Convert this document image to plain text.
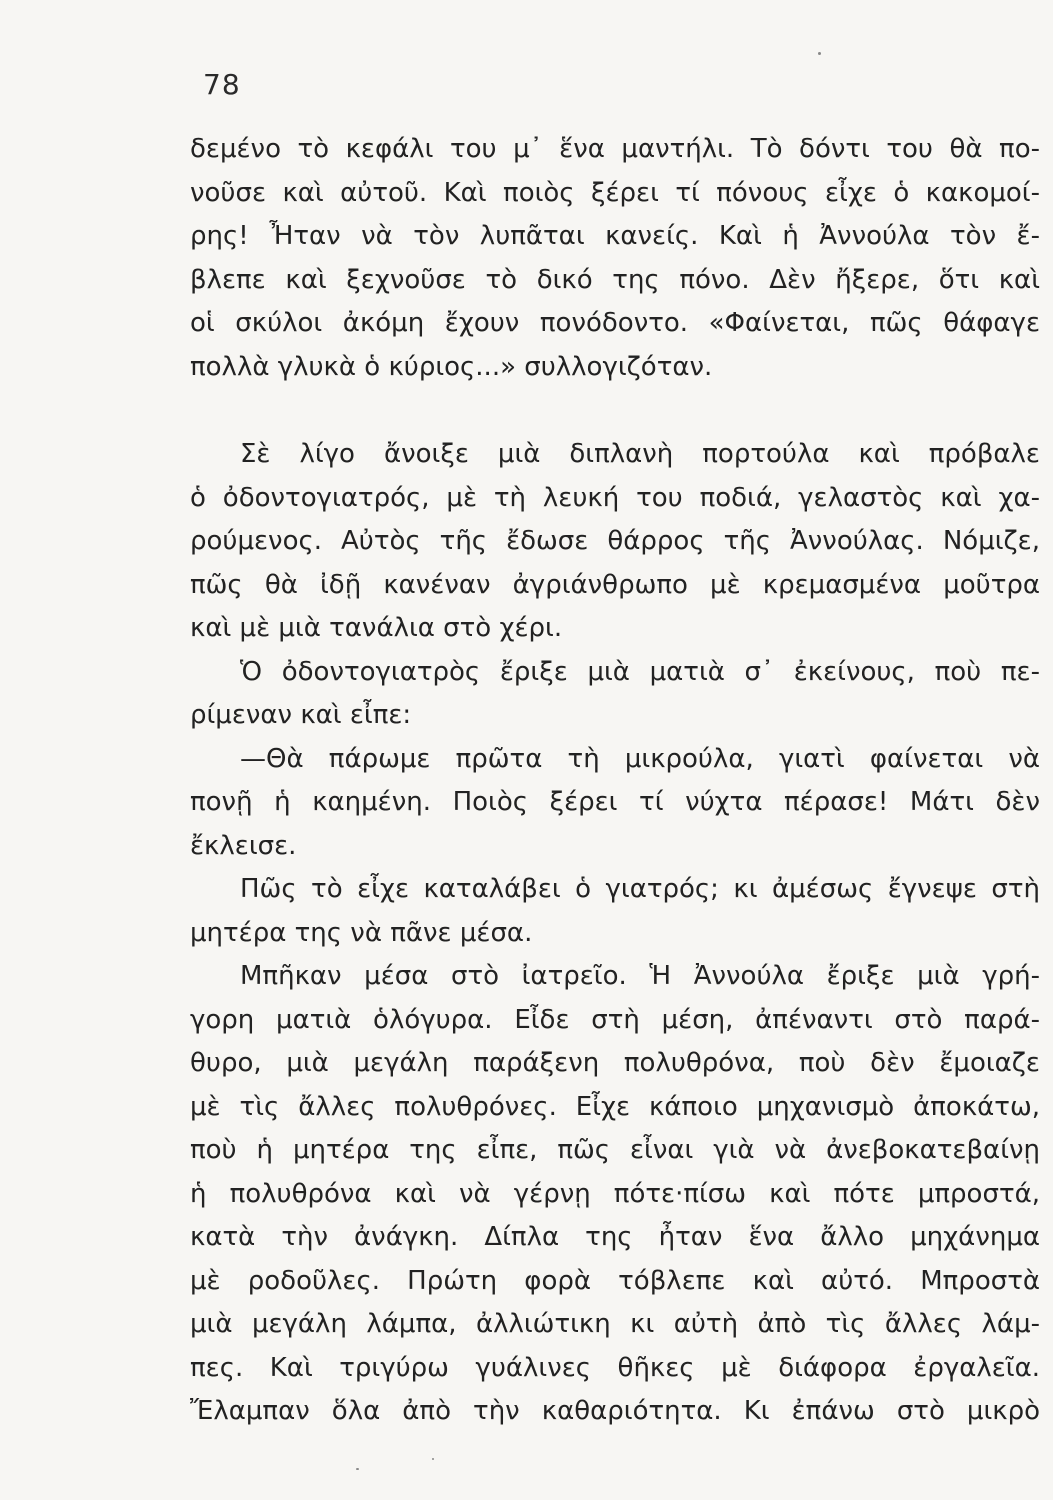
78
δεμένο τὸ κεφάλι του μ᾽ ἕνα μαντήλι. Τὸ δόντι του θὰ πο-
νοῦσε καὶ αὐτοῦ. Καὶ ποιὸς ξέρει τί πόνους εἶχε ὁ κακομοί-
ρης! Ἦταν νὰ τὸν λυπᾶται κανείς. Καὶ ἡ Ἀννούλα τὸν ἔ-
βλεπε καὶ ξεχνοῦσε τὸ δικό της πόνο. Δὲν ἤξερε, ὅτι καὶ
οἱ σκύλοι ἀκόμη ἔχουν πονόδοντο. «Φαίνεται, πῶς θάφαγε
πολλὰ γλυκὰ ὁ κύριος...» συλλογιζόταν.
Σὲ λίγο ἄνοιξε μιὰ διπλανὴ πορτούλα καὶ πρόβαλε
ὁ ὀδοντογιατρός, μὲ τὴ λευκή του ποδιά, γελαστὸς καὶ χα-
ρούμενος. Αὐτὸς τῆς ἔδωσε θάρρος τῆς Ἀννούλας. Νόμιζε,
πῶς θὰ ἰδῇ κανέναν ἀγριάνθρωπο μὲ κρεμασμένα μοῦτρα
καὶ μὲ μιὰ τανάλια στὸ χέρι.
Ὁ ὀδοντογιατρὸς ἔριξε μιὰ ματιὰ σ᾽ ἐκείνους, ποὺ πε-
ρίμεναν καὶ εἶπε:
—Θὰ πάρωμε πρῶτα τὴ μικρούλα, γιατὶ φαίνεται νὰ
πονῇ ἡ καημένη. Ποιὸς ξέρει τί νύχτα πέρασε! Μάτι δὲν
ἔκλεισε.
Πῶς τὸ εἶχε καταλάβει ὁ γιατρός; κι ἀμέσως ἔγνεψε στὴ
μητέρα της νὰ πᾶνε μέσα.
Μπῆκαν μέσα στὸ ἰατρεῖο. Ἡ Ἀννούλα ἔριξε μιὰ γρή-
γορη ματιὰ ὁλόγυρα. Εἶδε στὴ μέση, ἀπέναντι στὸ παρά-
θυρο, μιὰ μεγάλη παράξενη πολυθρόνα, ποὺ δὲν ἔμοιαζε
μὲ τὶς ἄλλες πολυθρόνες. Εἶχε κάποιο μηχανισμὸ ἀποκάτω,
ποὺ ἡ μητέρα της εἶπε, πῶς εἶναι γιὰ νὰ ἀνεβοκατεβαίνῃ
ἡ πολυθρόνα καὶ νὰ γέρνῃ πότε·πίσω καὶ πότε μπροστά,
κατὰ τὴν ἀνάγκη. Δίπλα της ἦταν ἕνα ἄλλο μηχάνημα
μὲ ροδοῦλες. Πρώτη φορὰ τόβλεπε καὶ αὐτό. Μπροστὰ
μιὰ μεγάλη λάμπα, ἀλλιώτικη κι αὐτὴ ἀπὸ τὶς ἄλλες λάμ-
πες. Καὶ τριγύρω γυάλινες θῆκες μὲ διάφορα ἐργαλεῖα.
Ἔλαμπαν ὅλα ἀπὸ τὴν καθαριότητα. Κι ἐπάνω στὸ μικρὸ
